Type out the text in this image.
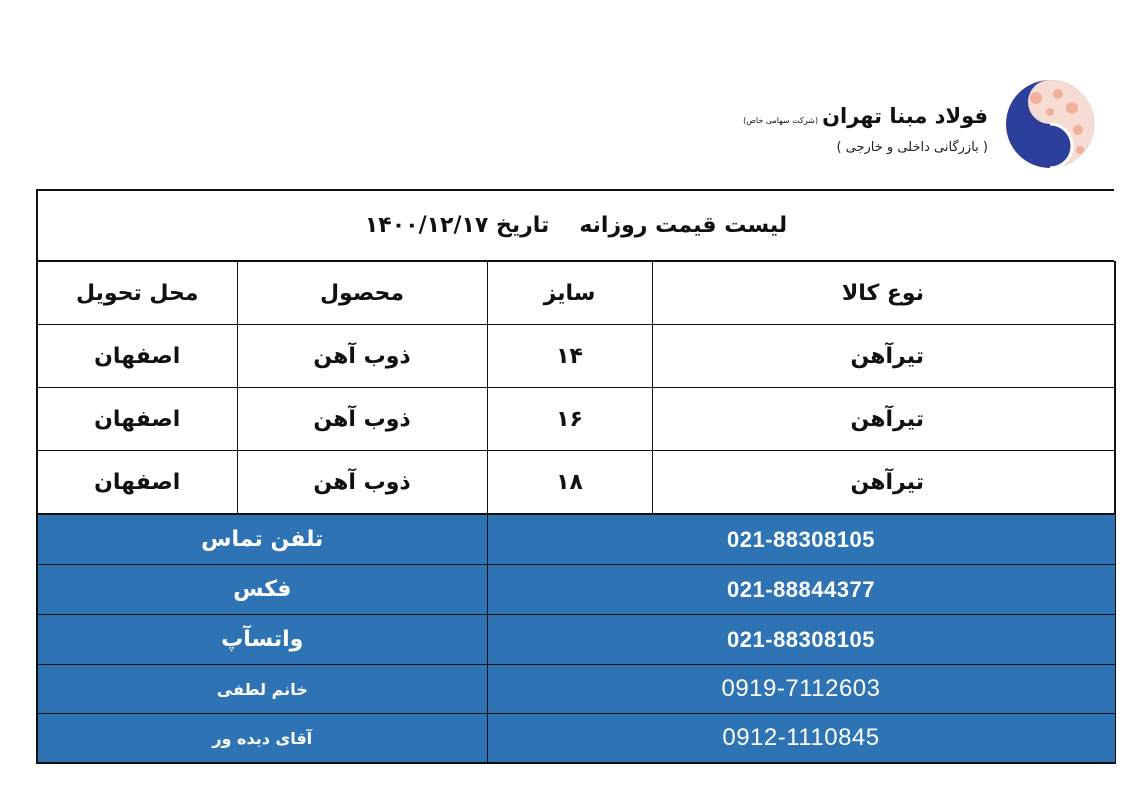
فولاد مبنا تهران(شرکت سهامی خاص)
( بازرگانی داخلی و خارجی )
لیست قیمت روزانه
تاریخ ۱۴۰۰/۱۲/۱۷
محل تحویل	محصول	سایز	نوع کالا
اصفهان	ذوب آهن	۱۴	تیرآهن
اصفهان	ذوب آهن	۱۶	تیرآهن
اصفهان	ذوب آهن	۱۸	تیرآهن
تلفن تماس	021-88308105
فکس	021-88844377
واتسآپ	021-88308105
خانم لطفی	0919-7112603
آقای دیده ور	0912-1110845
